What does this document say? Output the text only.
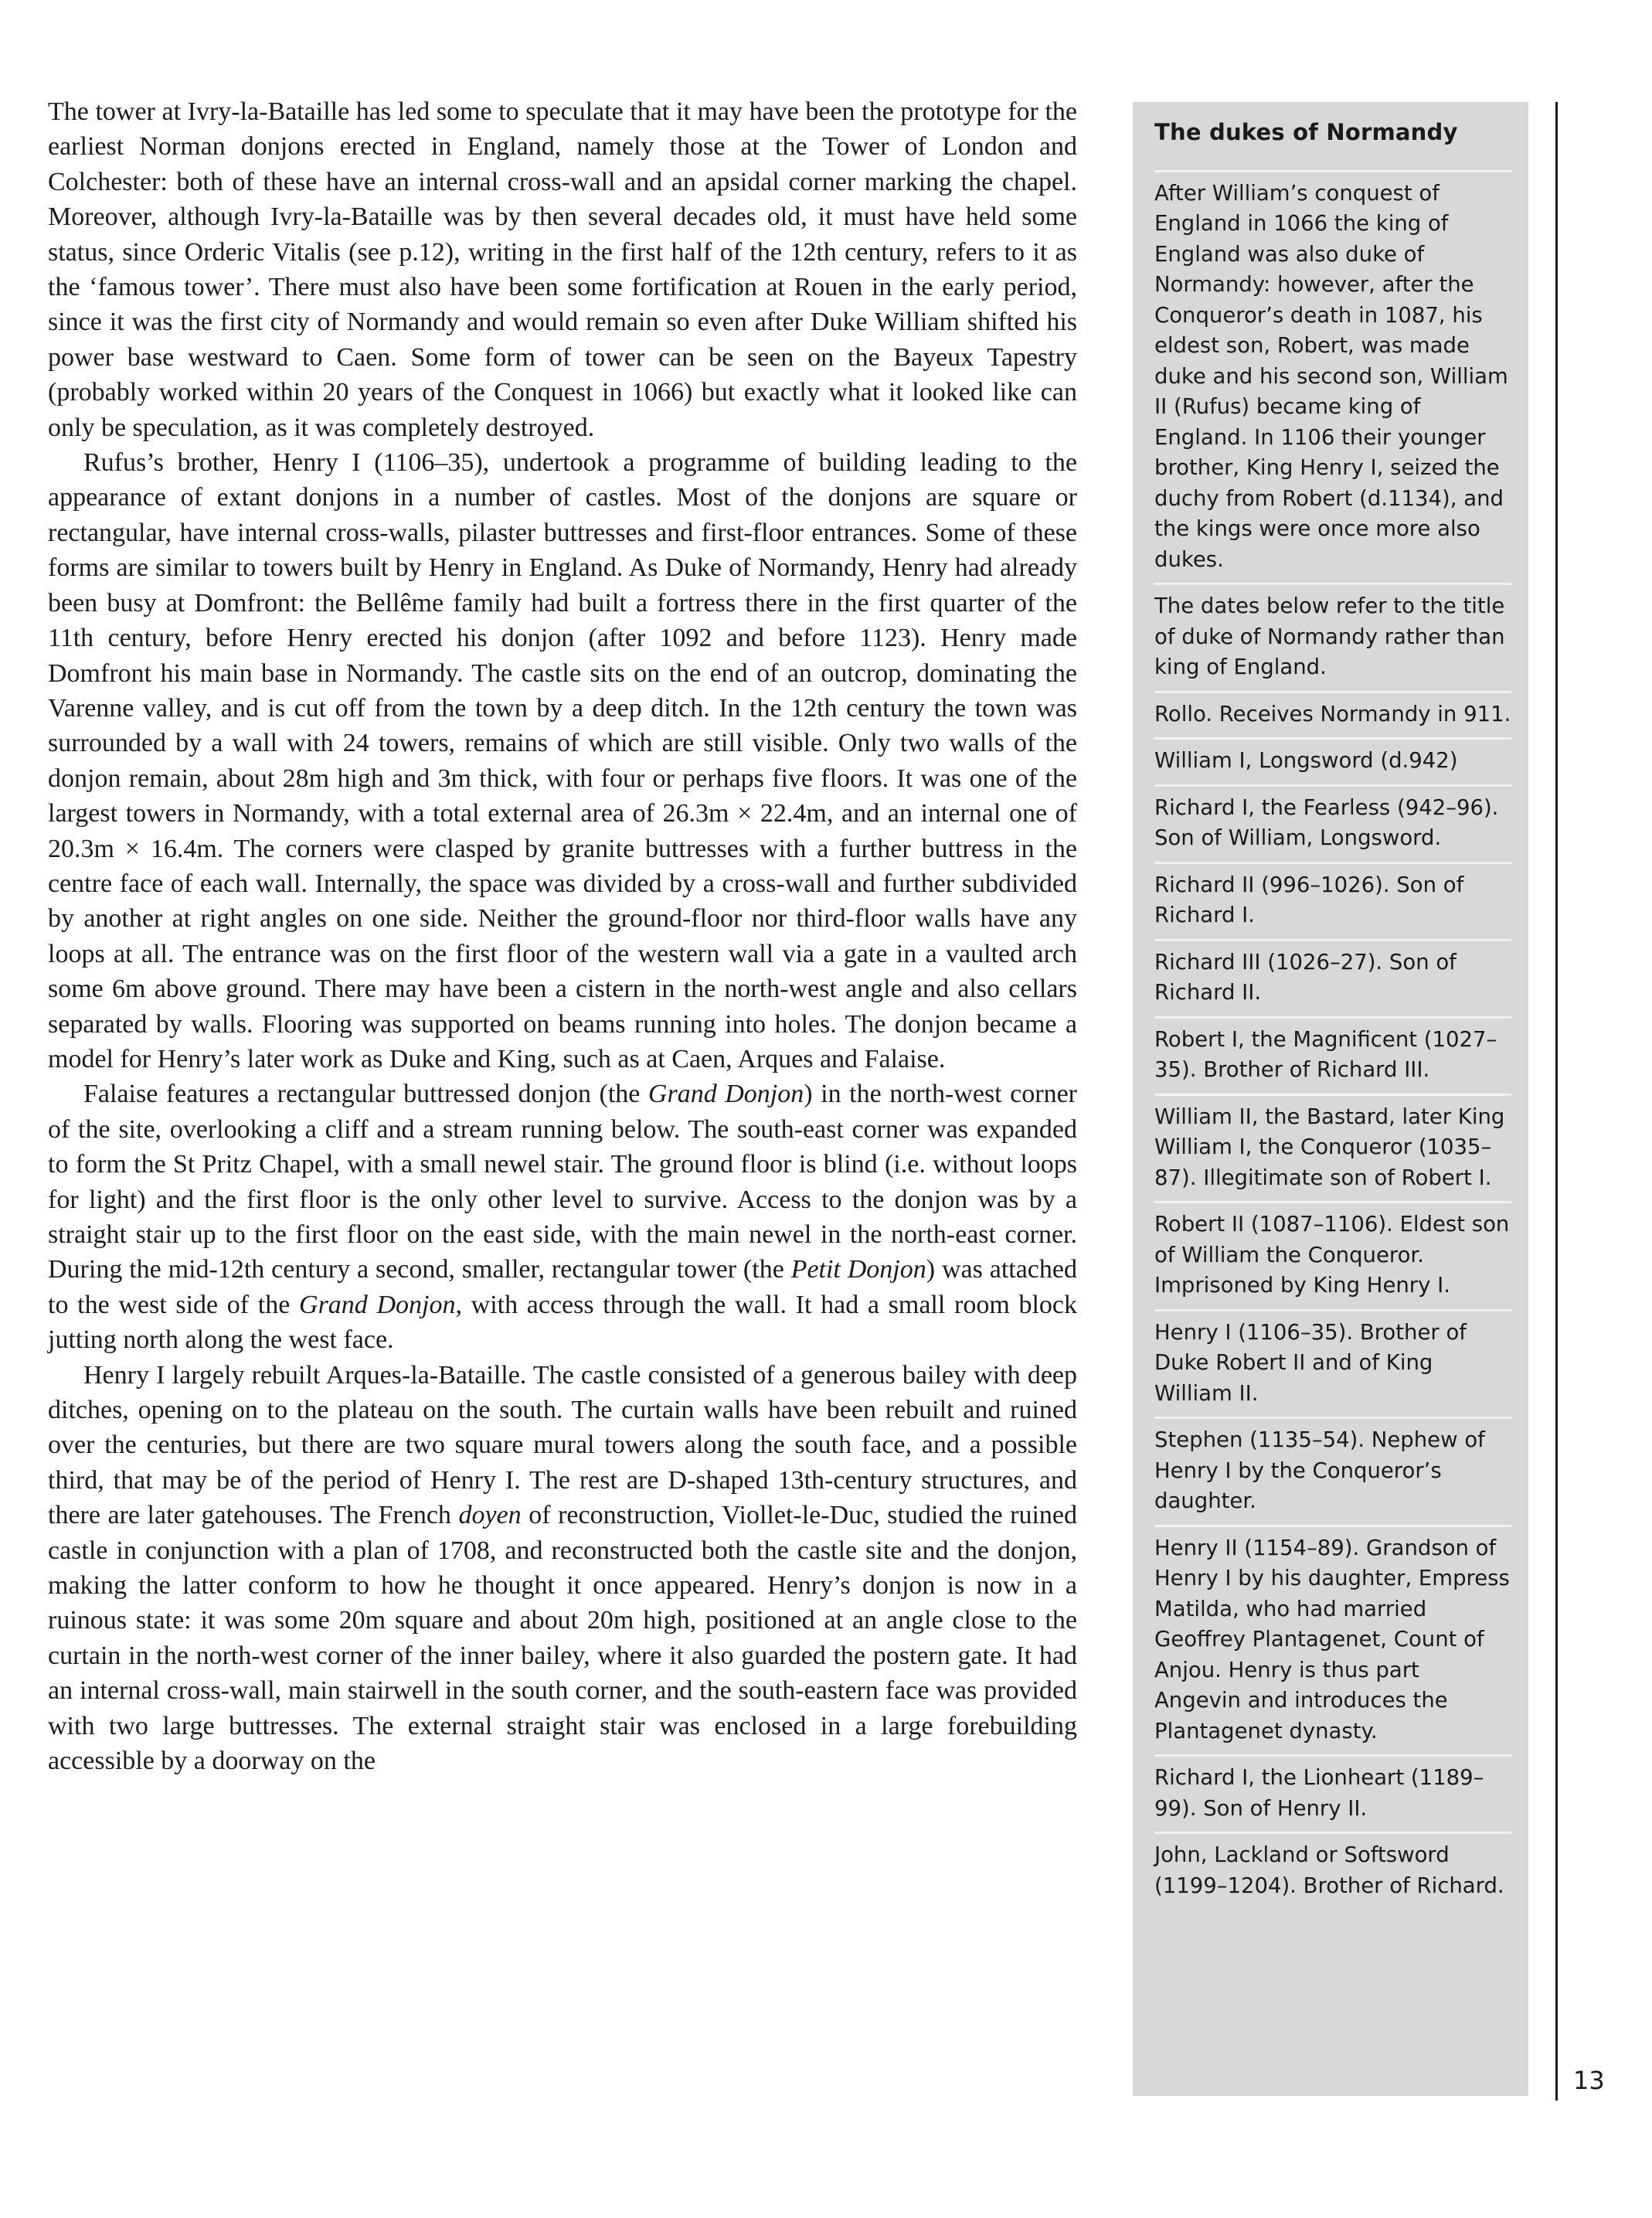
The tower at Ivry-la-Bataille has led some to speculate that it may have been the prototype for the earliest Norman donjons erected in England, namely those at the Tower of London and Colchester: both of these have an internal cross-wall and an apsidal corner marking the chapel. Moreover, although Ivry-la-Bataille was by then several decades old, it must have held some status, since Orderic Vitalis (see p.12), writing in the first half of the 12th century, refers to it as the ‘famous tower’. There must also have been some fortification at Rouen in the early period, since it was the first city of Normandy and would remain so even after Duke William shifted his power base westward to Caen. Some form of tower can be seen on the Bayeux Tapestry (probably worked within 20 years of the Conquest in 1066) but exactly what it looked like can only be speculation, as it was completely destroyed.

Rufus’s brother, Henry I (1106–35), undertook a programme of building leading to the appearance of extant donjons in a number of castles. Most of the donjons are square or rectangular, have internal cross-walls, pilaster buttresses and first-floor entrances. Some of these forms are similar to towers built by Henry in England. As Duke of Normandy, Henry had already been busy at Domfront: the Bellême family had built a fortress there in the first quarter of the 11th century, before Henry erected his donjon (after 1092 and before 1123). Henry made Domfront his main base in Normandy. The castle sits on the end of an outcrop, dominating the Varenne valley, and is cut off from the town by a deep ditch. In the 12th century the town was surrounded by a wall with 24 towers, remains of which are still visible. Only two walls of the donjon remain, about 28m high and 3m thick, with four or perhaps five floors. It was one of the largest towers in Normandy, with a total external area of 26.3m × 22.4m, and an internal one of 20.3m × 16.4m. The corners were clasped by granite buttresses with a further buttress in the centre face of each wall. Internally, the space was divided by a cross-wall and further subdivided by another at right angles on one side. Neither the ground-floor nor third-floor walls have any loops at all. The entrance was on the first floor of the western wall via a gate in a vaulted arch some 6m above ground. There may have been a cistern in the north-west angle and also cellars separated by walls. Flooring was supported on beams running into holes. The donjon became a model for Henry’s later work as Duke and King, such as at Caen, Arques and Falaise.

Falaise features a rectangular buttressed donjon (the Grand Donjon) in the north-west corner of the site, overlooking a cliff and a stream running below. The south-east corner was expanded to form the St Pritz Chapel, with a small newel stair. The ground floor is blind (i.e. without loops for light) and the first floor is the only other level to survive. Access to the donjon was by a straight stair up to the first floor on the east side, with the main newel in the north-east corner. During the mid-12th century a second, smaller, rectangular tower (the Petit Donjon) was attached to the west side of the Grand Donjon, with access through the wall. It had a small room block jutting north along the west face.

Henry I largely rebuilt Arques-la-Bataille. The castle consisted of a generous bailey with deep ditches, opening on to the plateau on the south. The curtain walls have been rebuilt and ruined over the centuries, but there are two square mural towers along the south face, and a possible third, that may be of the period of Henry I. The rest are D-shaped 13th-century structures, and there are later gatehouses. The French doyen of reconstruction, Viollet-le-Duc, studied the ruined castle in conjunction with a plan of 1708, and reconstructed both the castle site and the donjon, making the latter conform to how he thought it once appeared. Henry’s donjon is now in a ruinous state: it was some 20m square and about 20m high, positioned at an angle close to the curtain in the north-west corner of the inner bailey, where it also guarded the postern gate. It had an internal cross-wall, main stairwell in the south corner, and the south-eastern face was provided with two large buttresses. The external straight stair was enclosed in a large forebuilding accessible by a doorway on the

The dukes of Normandy

After William’s conquest of England in 1066 the king of England was also duke of Normandy: however, after the Conqueror’s death in 1087, his eldest son, Robert, was made duke and his second son, William II (Rufus) became king of England. In 1106 their younger brother, King Henry I, seized the duchy from Robert (d.1134), and the kings were once more also dukes.

The dates below refer to the title of duke of Normandy rather than king of England.

Rollo. Receives Normandy in 911.

William I, Longsword (d.942)

Richard I, the Fearless (942–96). Son of William, Longsword.

Richard II (996–1026). Son of Richard I.

Richard III (1026–27). Son of Richard II.

Robert I, the Magnificent (1027–35). Brother of Richard III.

William II, the Bastard, later King William I, the Conqueror (1035–87). Illegitimate son of Robert I.

Robert II (1087–1106). Eldest son of William the Conqueror. Imprisoned by King Henry I.

Henry I (1106–35). Brother of Duke Robert II and of King William II.

Stephen (1135–54). Nephew of Henry I by the Conqueror’s daughter.

Henry II (1154–89). Grandson of Henry I by his daughter, Empress Matilda, who had married Geoffrey Plantagenet, Count of Anjou. Henry is thus part Angevin and introduces the Plantagenet dynasty.

Richard I, the Lionheart (1189–99). Son of Henry II.

John, Lackland or Softsword (1199–1204). Brother of Richard.

13
